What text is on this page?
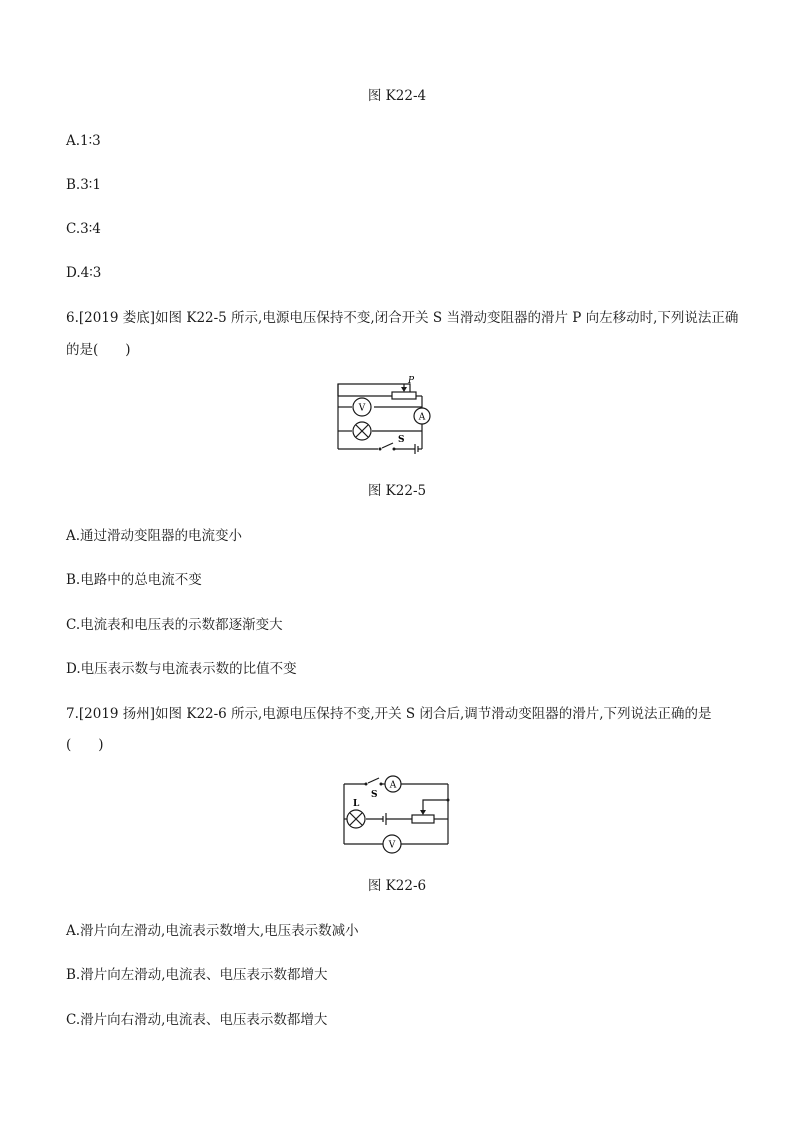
图 K22-4
A.1∶3
B.3∶1
C.3∶4
D.4∶3
6.[2019 娄底]如图 K22-5 所示,电源电压保持不变,闭合开关 S 当滑动变阻器的滑片 P 向左移动时,下列说法正确
的是(　　)
P
V
A
S
图 K22-5
A.通过滑动变阻器的电流变小
B.电路中的总电流不变
C.电流表和电压表的示数都逐渐变大
D.电压表示数与电流表示数的比值不变
7.[2019 扬州]如图 K22-6 所示,电源电压保持不变,开关 S 闭合后,调节滑动变阻器的滑片,下列说法正确的是
(　　)
S
A
L
V
图 K22-6
A.滑片向左滑动,电流表示数增大,电压表示数减小
B.滑片向左滑动,电流表、电压表示数都增大
C.滑片向右滑动,电流表、电压表示数都增大
